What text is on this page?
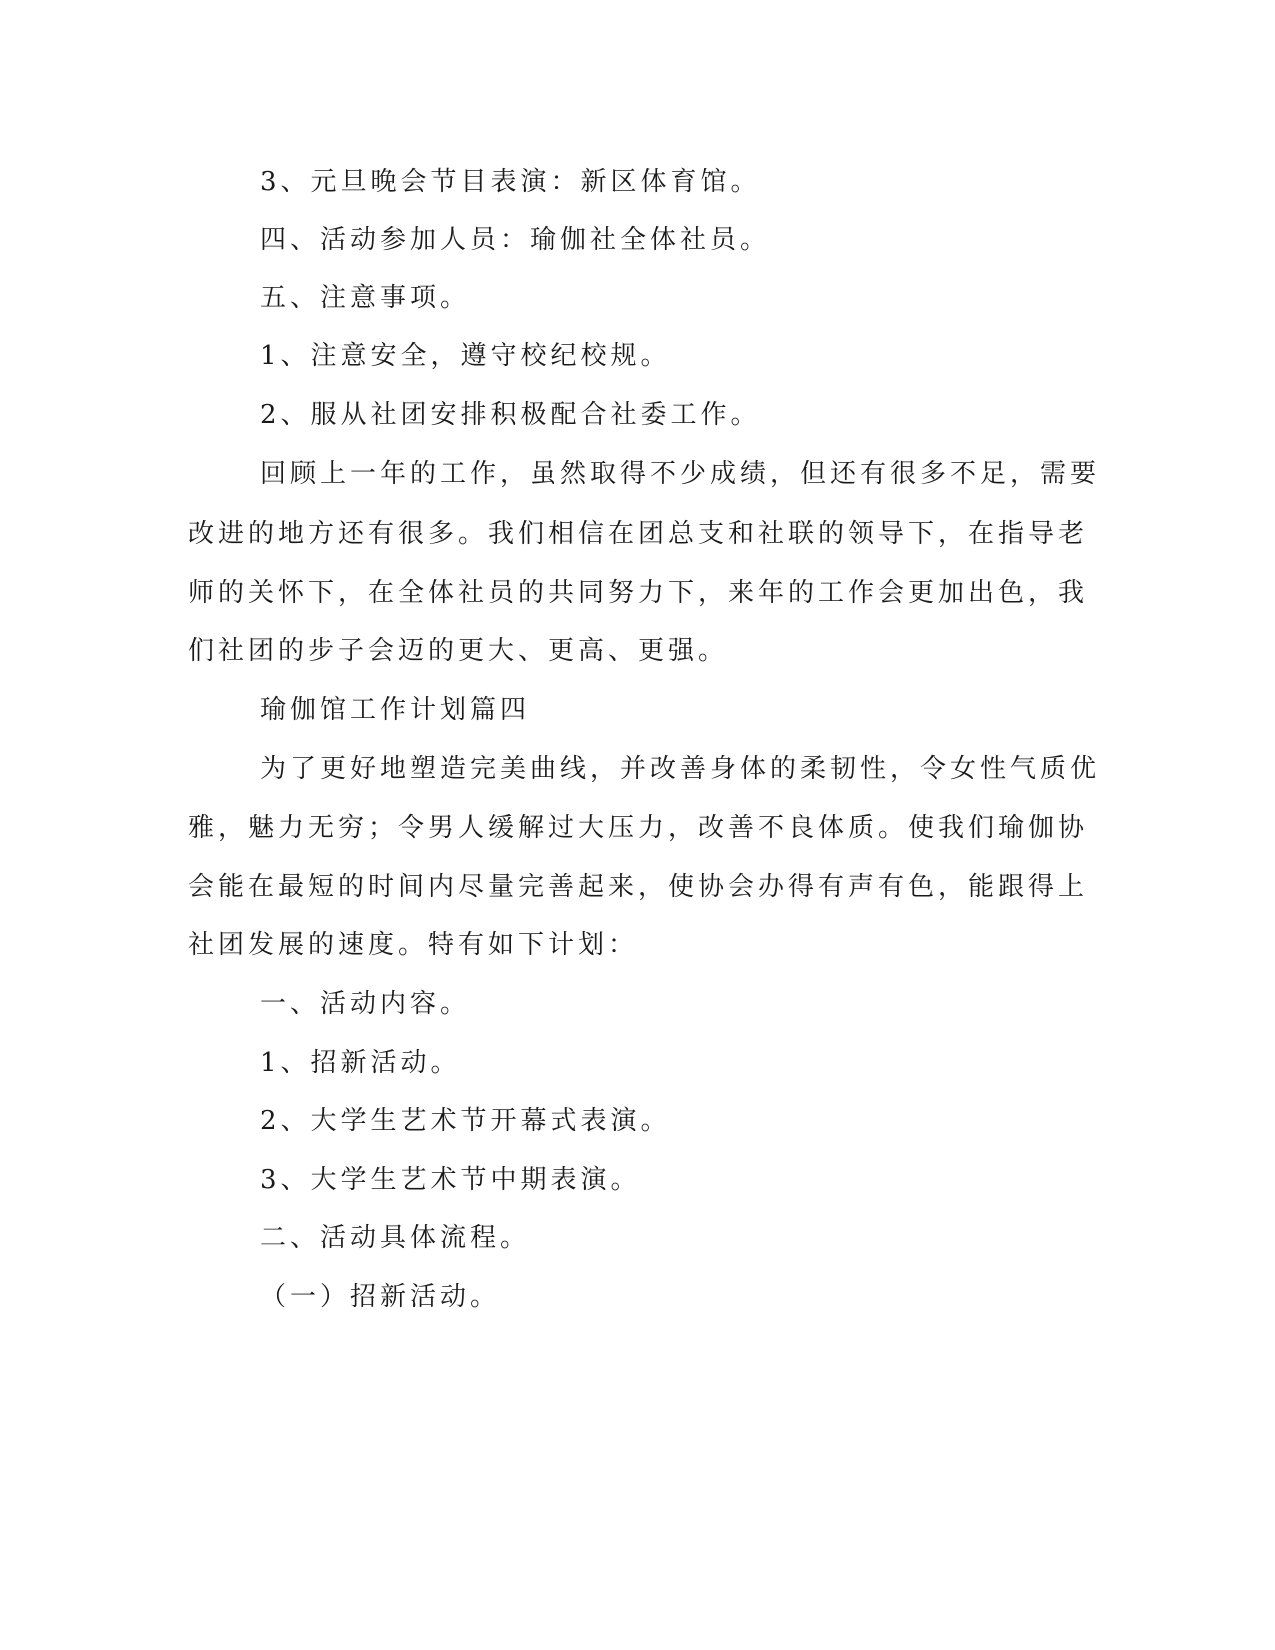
3、元旦晚会节目表演：新区体育馆。
四、活动参加人员：瑜伽社全体社员。
五、注意事项。
1、注意安全，遵守校纪校规。
2、服从社团安排积极配合社委工作。
回顾上一年的工作，虽然取得不少成绩，但还有很多不足，需要
改进的地方还有很多。我们相信在团总支和社联的领导下，在指导老
师的关怀下，在全体社员的共同努力下，来年的工作会更加出色，我
们社团的步子会迈的更大、更高、更强。
瑜伽馆工作计划篇四
为了更好地塑造完美曲线，并改善身体的柔韧性，令女性气质优
雅，魅力无穷；令男人缓解过大压力，改善不良体质。使我们瑜伽协
会能在最短的时间内尽量完善起来，使协会办得有声有色，能跟得上
社团发展的速度。特有如下计划：
一、活动内容。
1、招新活动。
2、大学生艺术节开幕式表演。
3、大学生艺术节中期表演。
二、活动具体流程。
（一）招新活动。
